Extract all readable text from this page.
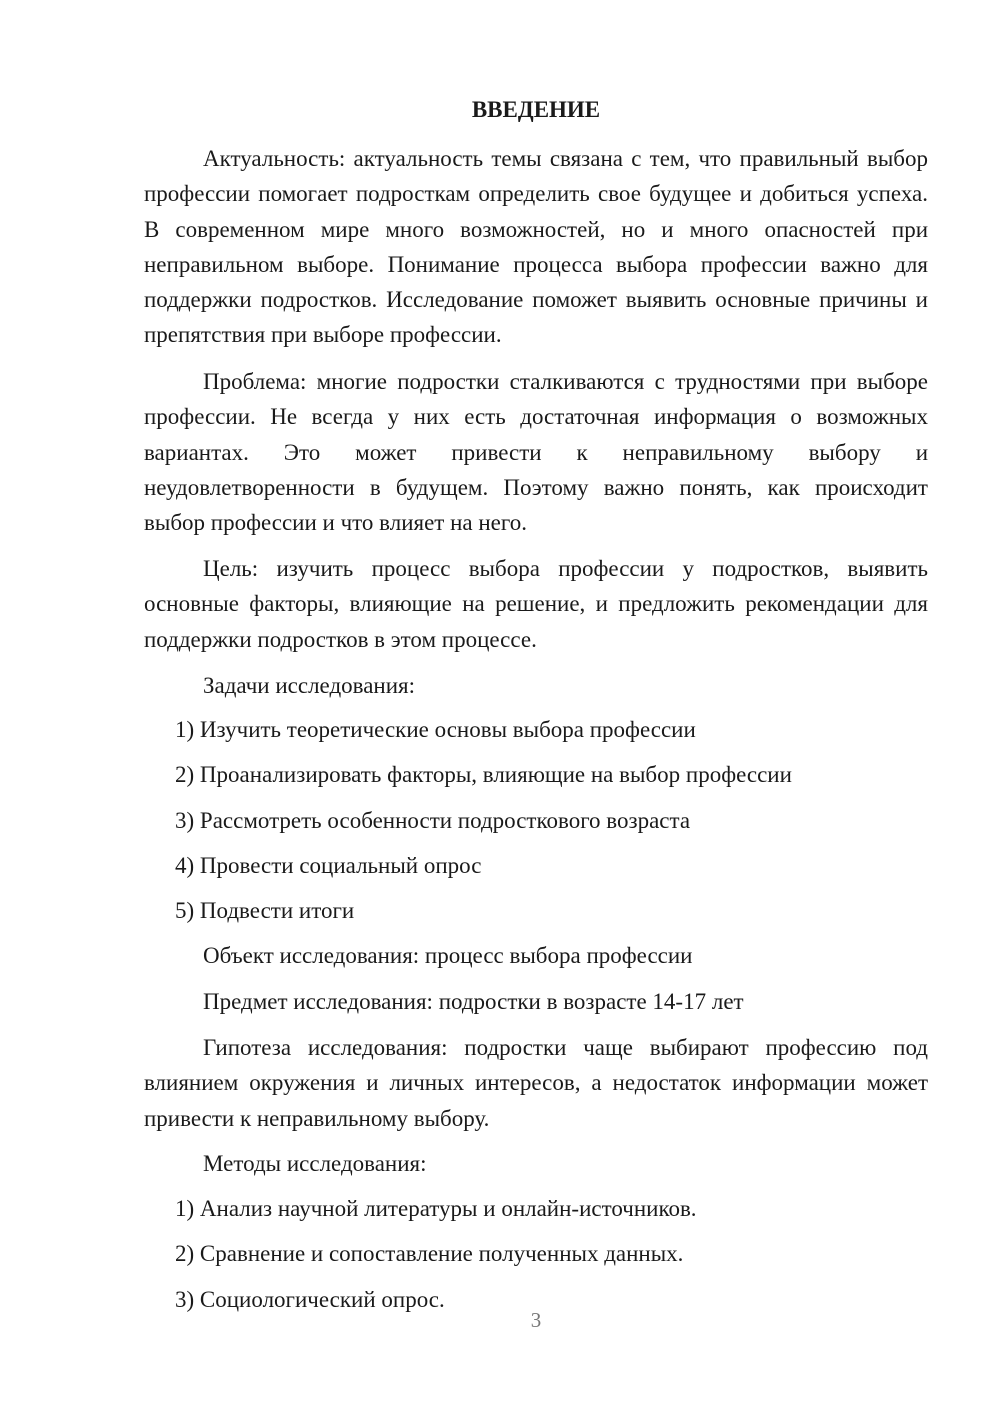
ВВЕДЕНИЕ

Актуальность: актуальность темы связана с тем, что правильный выбор профессии помогает подросткам определить свое будущее и добиться успеха. В современном мире много возможностей, но и много опасностей при неправильном выборе. Понимание процесса выбора профессии важно для поддержки подростков. Исследование поможет выявить основные причины и препятствия при выборе профессии.

Проблема: многие подростки сталкиваются с трудностями при выборе профессии. Не всегда у них есть достаточная информация о возможных вариантах. Это может привести к неправильному выбору и неудовлетворенности в будущем. Поэтому важно понять, как происходит выбор профессии и что влияет на него.

Цель: изучить процесс выбора профессии у подростков, выявить основные факторы, влияющие на решение, и предложить рекомендации для поддержки подростков в этом процессе.

Задачи исследования:
1) Изучить теоретические основы выбора профессии
2) Проанализировать факторы, влияющие на выбор профессии
3) Рассмотреть особенности подросткового возраста
4) Провести социальный опрос
5) Подвести итоги
Объект исследования: процесс выбора профессии
Предмет исследования: подростки в возрасте 14-17 лет

Гипотеза исследования: подростки чаще выбирают профессию под влиянием окружения и личных интересов, а недостаток информации может привести к неправильному выбору.

Методы исследования:
1) Анализ научной литературы и онлайн-источников.
2) Сравнение и сопоставление полученных данных.
3) Социологический опрос.
3
